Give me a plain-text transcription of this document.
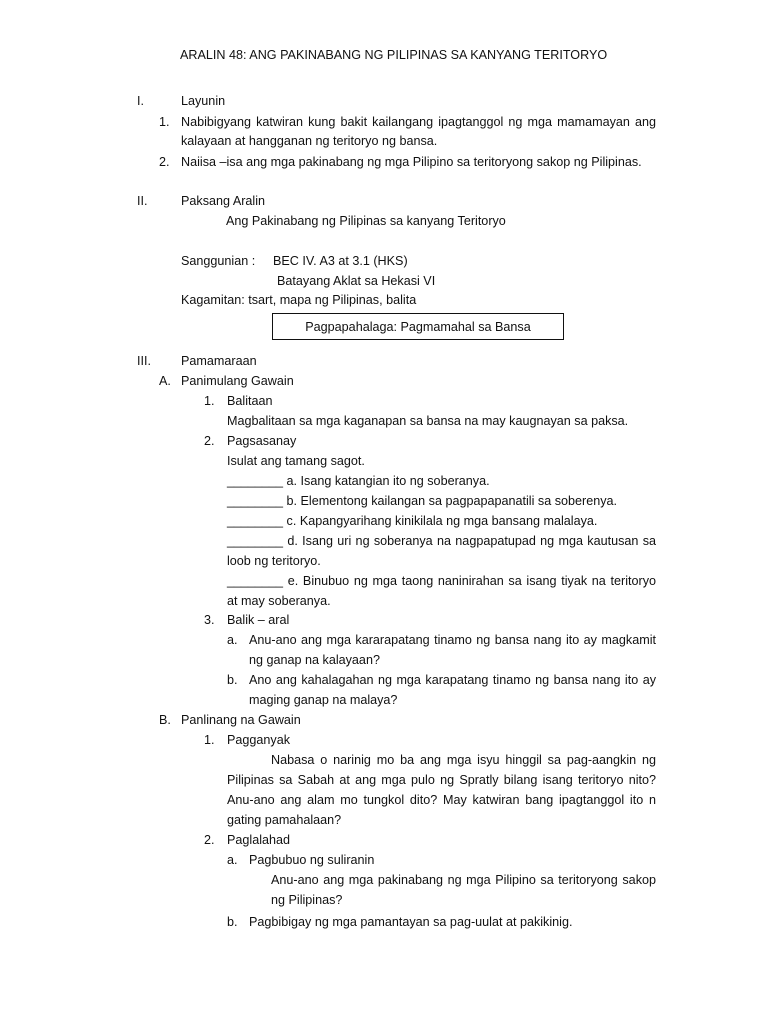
ARALIN 48: ANG PAKINABANG NG PILIPINAS SA KANYANG TERITORYO
I.	Layunin
1. Nabibigyang katwiran kung bakit kailangang ipagtanggol ng mga mamamayan ang
kalayaan at hangganan ng teritoryo ng bansa.
2. Naiisa –isa ang mga pakinabang ng mga Pilipino sa teritoryong sakop ng Pilipinas.
II.	Paksang Aralin
Ang Pakinabang ng Pilipinas sa kanyang Teritoryo
Sanggunian : BEC IV. A3 at 3.1 (HKS)
Batayang Aklat sa Hekasi VI
Kagamitan: tsart, mapa ng Pilipinas, balita
Pagpapahalaga: Pagmamahal sa Bansa
III. Pamamaraan
A. Panimulang Gawain
1. Balitaan
Magbalitaan sa mga kaganapan sa bansa na may kaugnayan sa paksa.
2. Pagsasanay
Isulat ang tamang sagot.
________ a. Isang katangian ito ng soberanya.
________ b. Elementong kailangan sa pagpapapanatili sa soberenya.
________ c. Kapangyarihang kinikilala ng mga bansang malalaya.
________ d. Isang uri ng soberanya na nagpapatupad ng mga kautusan sa
loob ng teritoryo.
________ e. Binubuo ng mga taong naninirahan sa isang tiyak na teritoryo
at may soberanya.
3. Balik – aral
a. Anu-ano ang mga kararapatang tinamo ng bansa nang ito ay magkamit
ng ganap na kalayaan?
b. Ano ang kahalagahan ng mga karapatang tinamo ng bansa nang ito ay
maging ganap na malaya?
B. Panlinang na Gawain
1. Pagganyak
Nabasa o narinig mo ba ang mga isyu hinggil sa pag-aangkin ng
Pilipinas sa Sabah at ang mga pulo ng Spratly bilang isang teritoryo nito?
Anu-ano ang alam mo tungkol dito? May katwiran bang ipagtanggol ito n
gating pamahalaan?
2. Paglalahad
a. Pagbubuo ng suliranin
Anu-ano ang mga pakinabang ng mga Pilipino sa teritoryong sakop
ng Pilipinas?
b. Pagbibigay ng mga pamantayan sa pag-uulat at pakikinig.
